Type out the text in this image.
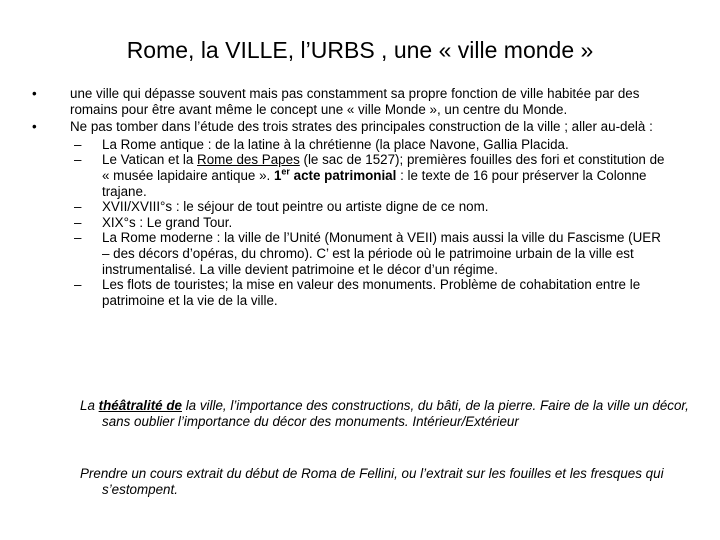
Rome, la VILLE, l’URBS , une « ville monde »
• une ville qui dépasse souvent mais pas constamment sa propre fonction de ville habitée par des romains pour être avant même le concept une « ville Monde », un centre du Monde.
• Ne pas tomber dans l’étude des trois strates des principales construction de la ville ; aller au-delà :
– La Rome antique : de la latine à la chrétienne (la place Navone, Gallia Placida.
– Le Vatican et la Rome des Papes (le sac de 1527); premières fouilles des fori et constitution de « musée lapidaire antique ». 1er acte patrimonial : le texte de 16 pour préserver la Colonne trajane.
– XVII/XVIII°s : le séjour de tout peintre ou artiste digne de ce nom.
– XIX°s : Le grand Tour.
– La Rome moderne : la ville de l’Unité (Monument à VEII) mais aussi la ville du Fascisme (UER – des décors d’opéras, du chromo). C’ est la période où le patrimoine urbain de la ville est instrumentalisé. La ville devient patrimoine et le décor d’un régime.
– Les flots de touristes; la mise en valeur des monuments. Problème de cohabitation entre le patrimoine et la vie de la ville.
La théâtralité de la ville, l’importance des constructions, du bâti, de la pierre. Faire de la ville un décor, sans oublier l’importance du décor des monuments. Intérieur/Extérieur
Prendre un cours extrait du début de Roma de Fellini, ou l’extrait sur les fouilles et les fresques qui s’estompent.
